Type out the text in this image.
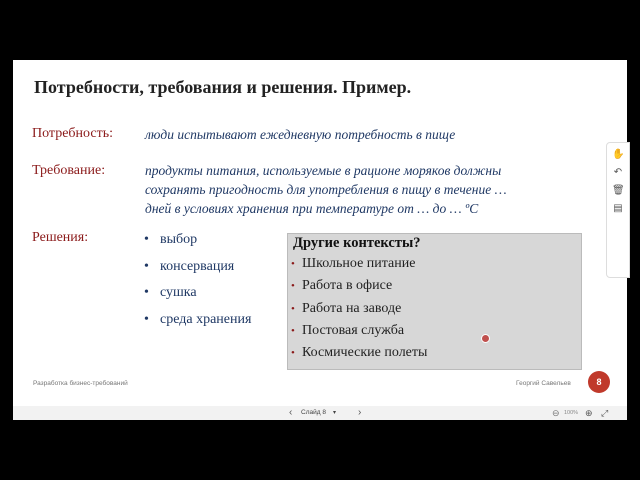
Потребности, требования и решения. Пример.
Потребность: люди испытывают ежедневную потребность в пище
Требование:	продукты питания, используемые в рационе моряков должны
сохранять пригодность для употребления в пищу в течение …
дней в условиях хранения при температуре от … до … ºС
Решения:	• выбор
• консервация
• сушка
• среда хранения
Другие контексты?
• Школьное питание
• Работа в офисе
• Работа на заводе
• Постовая служба
• Космические полеты
Разработка бизнес-требований	Георгий Савельев	8
‹ Слайд 8 ▾ ›	⊖ 100% ⊕ ⤢
✋
↶
🗑
▤
